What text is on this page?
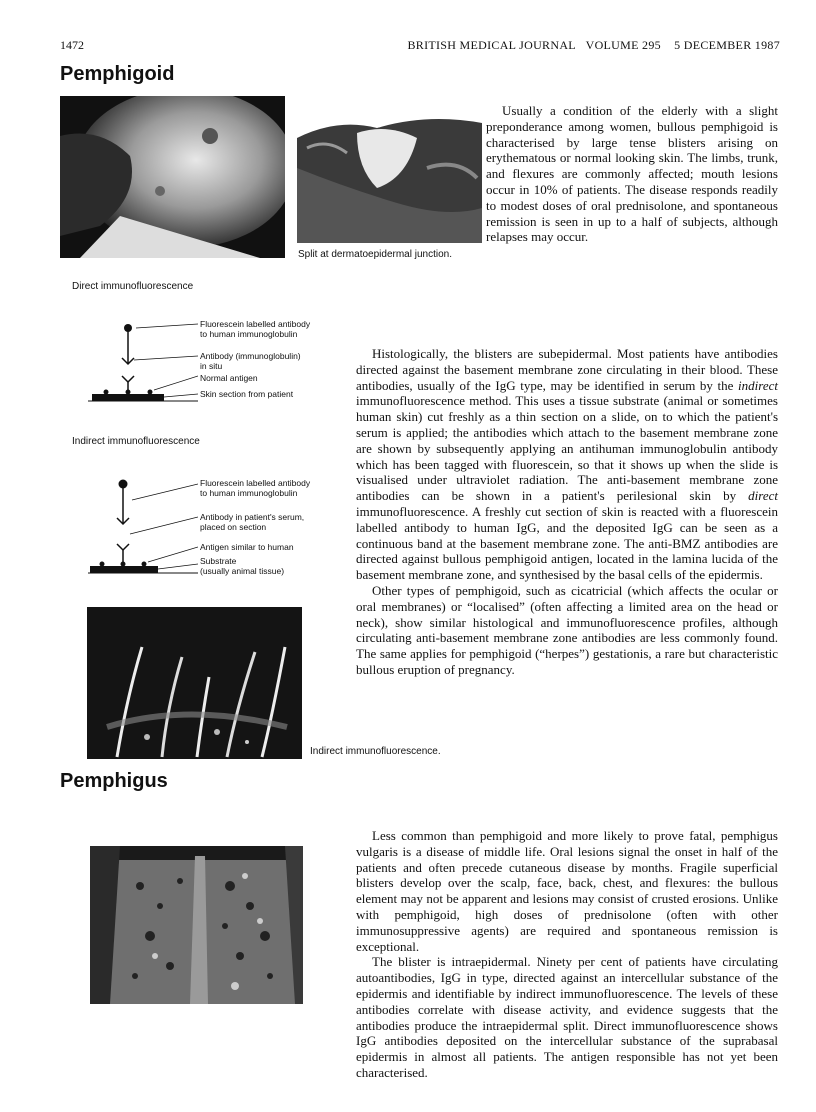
1472	BRITISH MEDICAL JOURNAL VOLUME 295 5 DECEMBER 1987
Pemphigoid
Split at dermatoepidermal junction.

Usually a condition of the elderly with a slight preponderance among women, bullous pemphigoid is characterised by large tense blisters arising on erythematous or normal looking skin. The limbs, trunk, and flexures are commonly affected; mouth lesions occur in 10% of patients. The disease responds readily to modest doses of oral prednisolone, and spontaneous remission is seen in up to a half of subjects, although relapses may occur.

Direct immunofluorescence
Fluorescein labelled antibody
to human immunoglobulin
Antibody (immunoglobulin)
in situ
Normal antigen
Skin section from patient
Indirect immunofluorescence
Fluorescein labelled antibody
to human immunoglobulin
Antibody in patient's serum,
placed on section
Antigen similar to human
Substrate
(usually animal tissue)

Histologically, the blisters are subepidermal. Most patients have antibodies directed against the basement membrane zone circulating in their blood. These antibodies, usually of the IgG type, may be identified in serum by the indirect immunofluorescence method. This uses a tissue substrate (animal or sometimes human skin) cut freshly as a thin section on a slide, on to which the patient's serum is applied; the antibodies which attach to the basement membrane zone are shown by subsequently applying an antihuman immunoglobulin antibody which has been tagged with fluorescein, so that it shows up when the slide is visualised under ultraviolet radiation. The anti-basement membrane zone antibodies can be shown in a patient's perilesional skin by direct immunofluorescence. A freshly cut section of skin is reacted with a fluorescein labelled antibody to human IgG, and the deposited IgG can be seen as a continuous band at the basement membrane zone. The anti-BMZ antibodies are directed against bullous pemphigoid antigen, located in the lamina lucida of the basement membrane zone, and synthesised by the basal cells of the epidermis.

Other types of pemphigoid, such as cicatricial (which affects the ocular or oral membranes) or “localised” (often affecting a limited area on the head or neck), show similar histological and immunofluorescence profiles, although circulating anti-basement membrane zone antibodies are less commonly found. The same applies for pemphigoid (“herpes”) gestationis, a rare but characteristic bullous eruption of pregnancy.

Indirect immunofluorescence.
Pemphigus

Less common than pemphigoid and more likely to prove fatal, pemphigus vulgaris is a disease of middle life. Oral lesions signal the onset in half of the patients and often precede cutaneous disease by months. Fragile superficial blisters develop over the scalp, face, back, chest, and flexures: the bullous element may not be apparent and lesions may consist of crusted erosions. Unlike with pemphigoid, high doses of prednisolone (often with other immunosuppressive agents) are required and spontaneous remission is exceptional.

The blister is intraepidermal. Ninety per cent of patients have circulating autoantibodies, IgG in type, directed against an intercellular substance of the epidermis and identifiable by indirect immunofluorescence. The levels of these antibodies correlate with disease activity, and evidence suggests that the antibodies produce the intraepidermal split. Direct immunofluorescence shows IgG antibodies deposited on the intercellular substance of the suprabasal epidermis in almost all patients. The antigen responsible has not yet been characterised.
